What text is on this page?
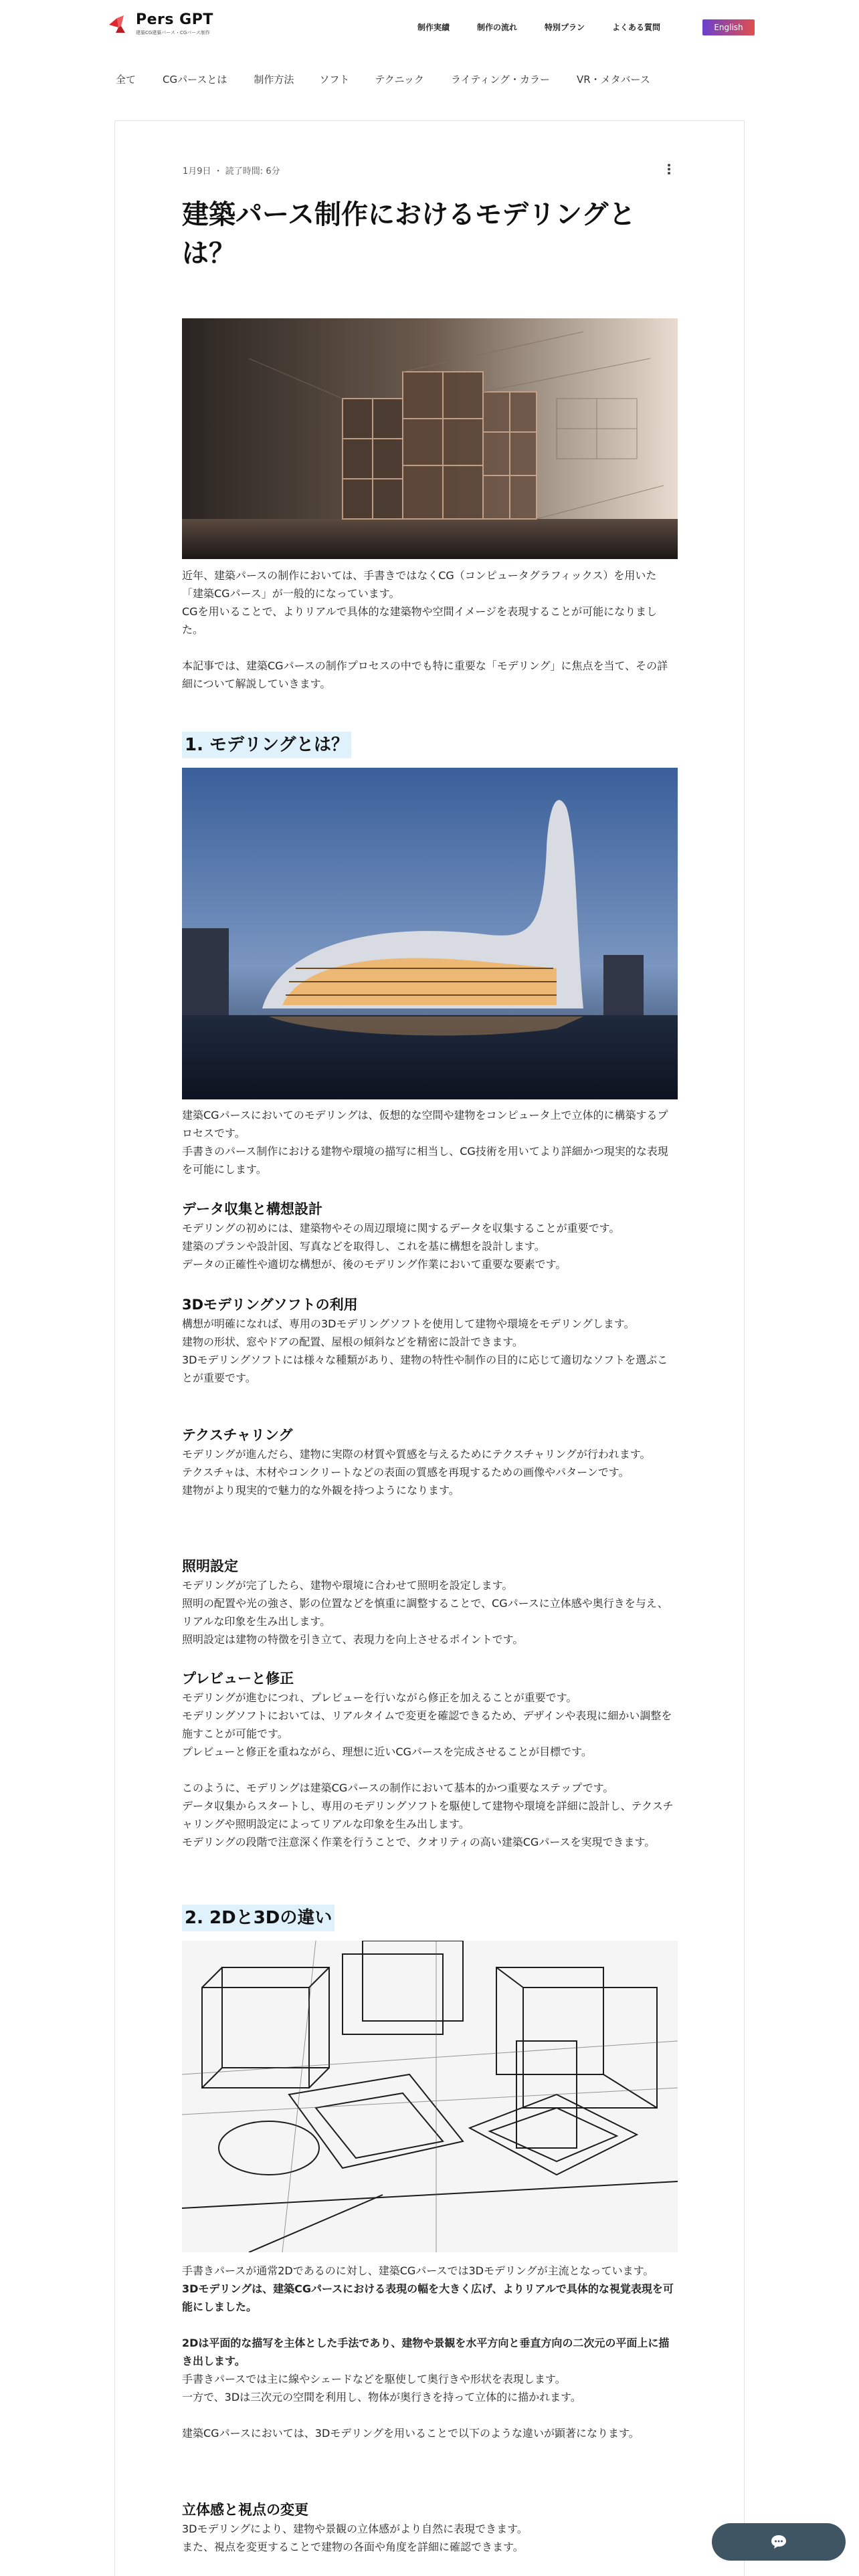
Pers GPT
建築CG建築パース・CGパース制作
制作実績	制作の流れ	特別プラン	よくある質問	English
全て	CGパースとは	制作方法	ソフト	テクニック	ライティング・カラー	VR・メタバース
1月9日 ・ 読了時間: 6分
建築パース制作におけるモデリングとは？

近年、建築パースの制作においては、手書きではなくCG（コンピュータグラフィックス）を用いた「建築CGパース」が一般的になっています。

CGを用いることで、よりリアルで具体的な建築物や空間イメージを表現することが可能になりました。

本記事では、建築CGパースの制作プロセスの中でも特に重要な「モデリング」に焦点を当て、その詳細について解説していきます。

1. モデリングとは？

建築CGパースにおいてのモデリングは、仮想的な空間や建物をコンピュータ上で立体的に構築するプロセスです。

手書きのパース制作における建物や環境の描写に相当し、CG技術を用いてより詳細かつ現実的な表現を可能にします。

データ収集と構想設計

モデリングの初めには、建築物やその周辺環境に関するデータを収集することが重要です。

建築のプランや設計図、写真などを取得し、これを基に構想を設計します。

データの正確性や適切な構想が、後のモデリング作業において重要な要素です。

3Dモデリングソフトの利用

構想が明確になれば、専用の3Dモデリングソフトを使用して建物や環境をモデリングします。

建物の形状、窓やドアの配置、屋根の傾斜などを精密に設計できます。

3Dモデリングソフトには様々な種類があり、建物の特性や制作の目的に応じて適切なソフトを選ぶことが重要です。

テクスチャリング

モデリングが進んだら、建物に実際の材質や質感を与えるためにテクスチャリングが行われます。

テクスチャは、木材やコンクリートなどの表面の質感を再現するための画像やパターンです。

建物がより現実的で魅力的な外観を持つようになります。

照明設定

モデリングが完了したら、建物や環境に合わせて照明を設定します。

照明の配置や光の強さ、影の位置などを慎重に調整することで、CGパースに立体感や奥行きを与え、リアルな印象を生み出します。

照明設定は建物の特徴を引き立て、表現力を向上させるポイントです。

プレビューと修正

モデリングが進むにつれ、プレビューを行いながら修正を加えることが重要です。

モデリングソフトにおいては、リアルタイムで変更を確認できるため、デザインや表現に細かい調整を施すことが可能です。

プレビューと修正を重ねながら、理想に近いCGパースを完成させることが目標です。

このように、モデリングは建築CGパースの制作において基本的かつ重要なステップです。

データ収集からスタートし、専用のモデリングソフトを駆使して建物や環境を詳細に設計し、テクスチャリングや照明設定によってリアルな印象を生み出します。

モデリングの段階で注意深く作業を行うことで、クオリティの高い建築CGパースを実現できます。

2. 2Dと3Dの違い

手書きパースが通常2Dであるのに対し、建築CGパースでは3Dモデリングが主流となっています。

3Dモデリングは、建築CGパースにおける表現の幅を大きく広げ、よりリアルで具体的な視覚表現を可能にしました。

2Dは平面的な描写を主体とした手法であり、建物や景観を水平方向と垂直方向の二次元の平面上に描き出します。

手書きパースでは主に線やシェードなどを駆使して奥行きや形状を表現します。

一方で、3Dは三次元の空間を利用し、物体が奥行きを持って立体的に描かれます。

建築CGパースにおいては、3Dモデリングを用いることで以下のような違いが顕著になります。

立体感と視点の変更

3Dモデリングにより、建物や景観の立体感がより自然に表現できます。

また、視点を変更することで建物の各面や角度を詳細に確認できます。
